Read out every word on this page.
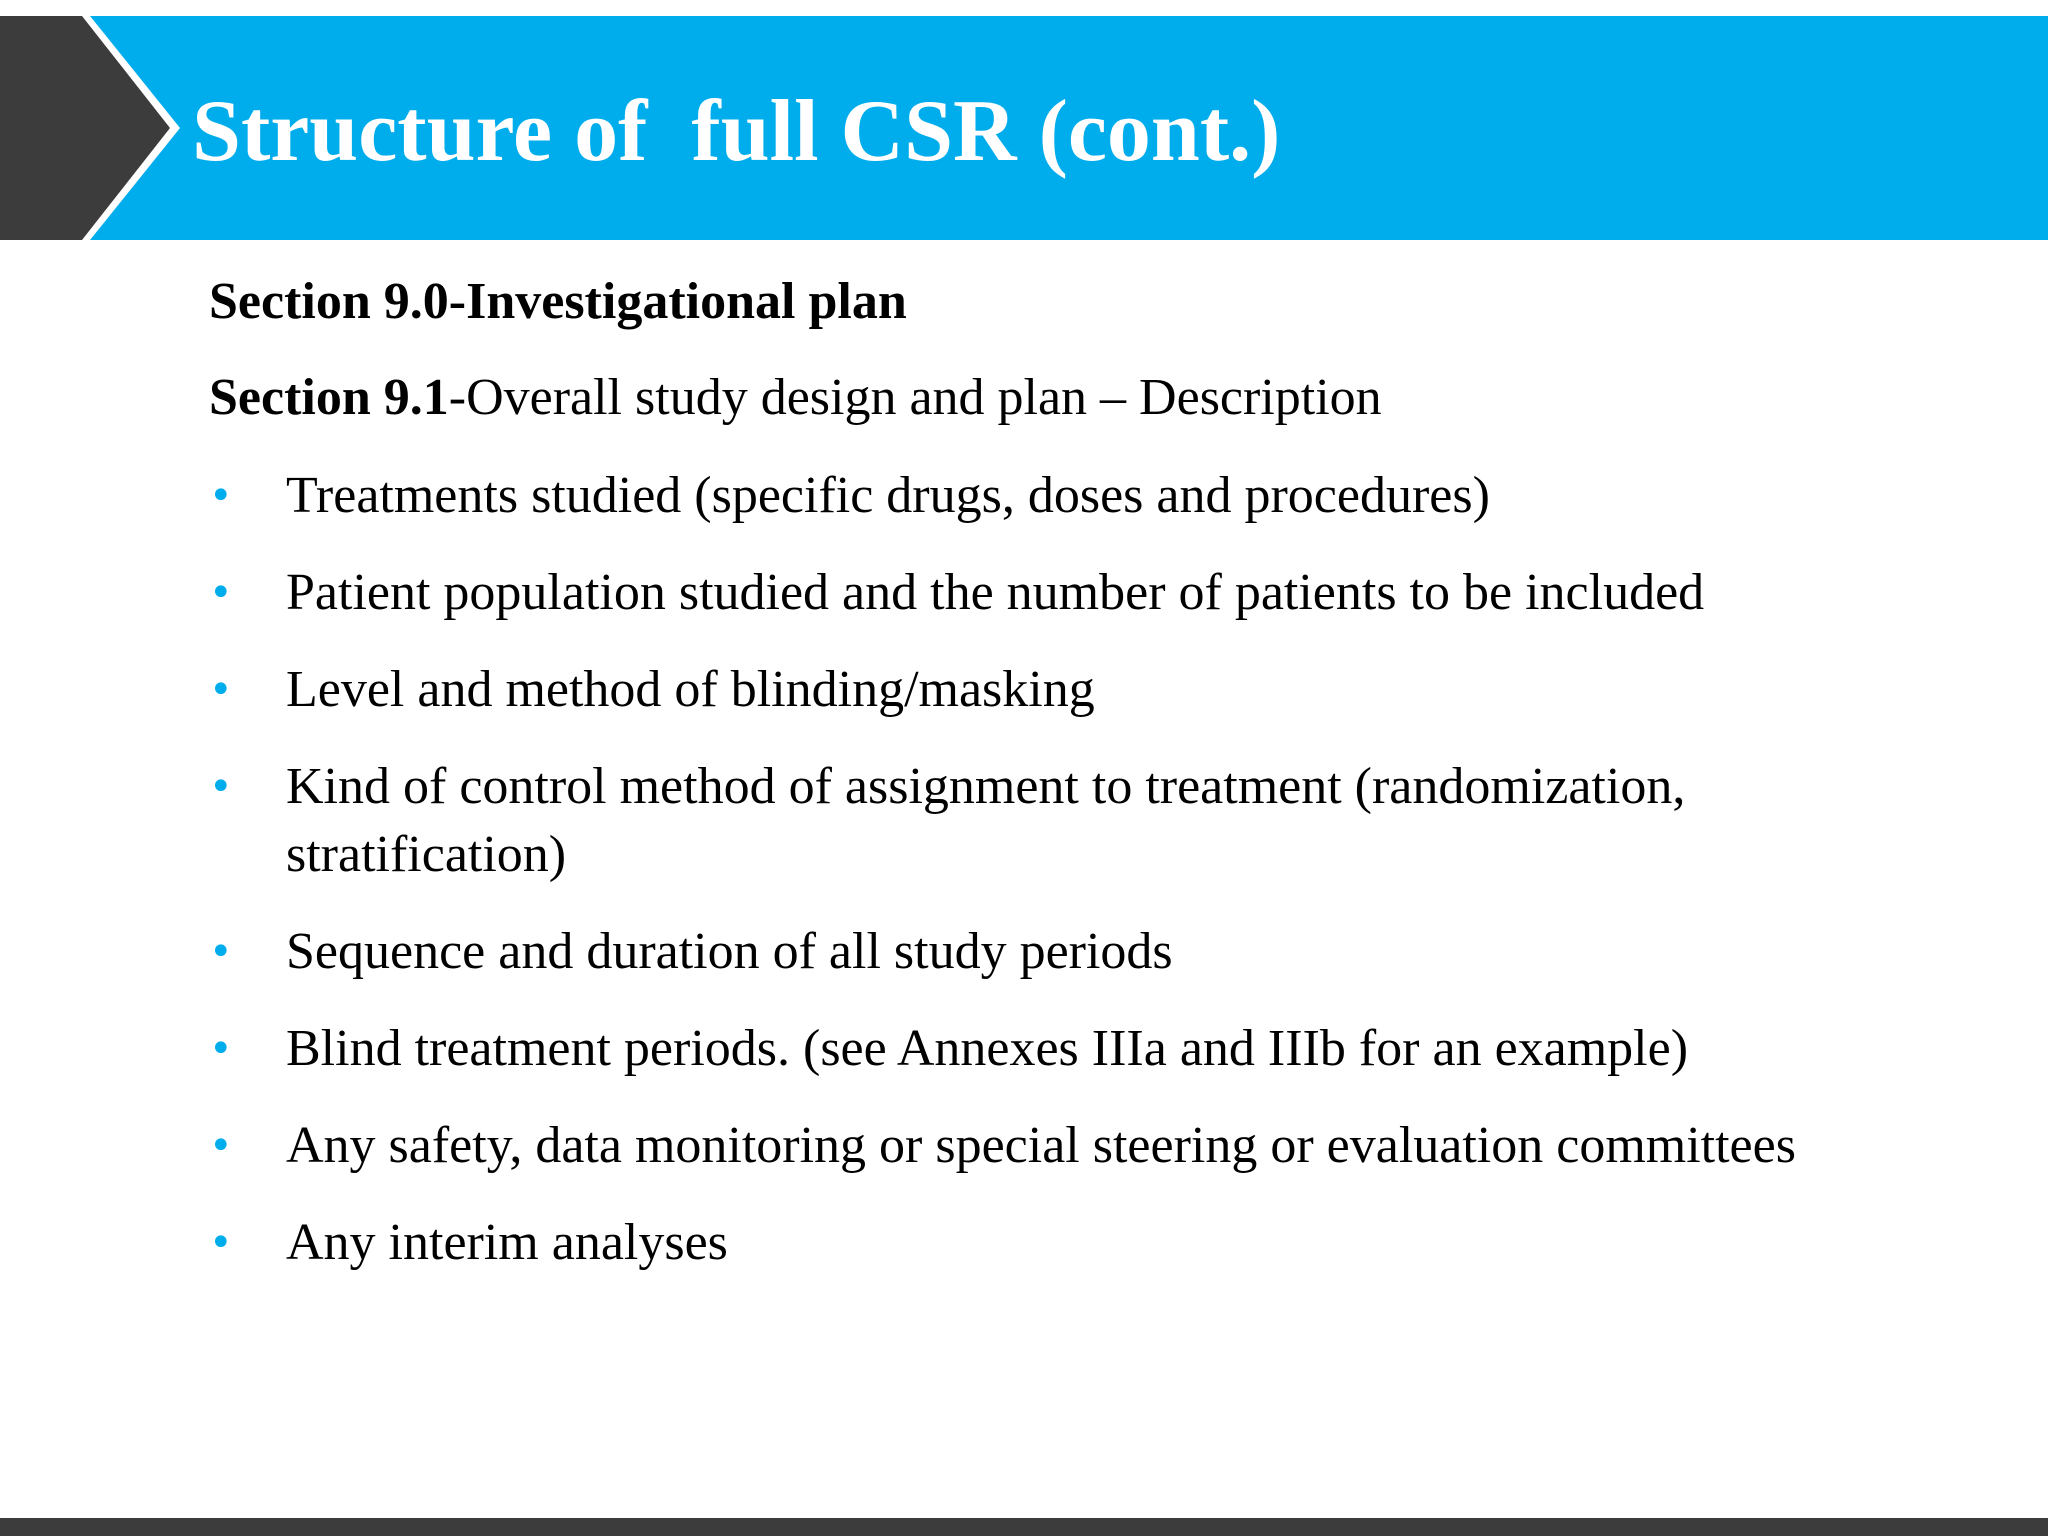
Structure of  full CSR (cont.)

Section 9.0-Investigational plan

Section 9.1-Overall study design and plan – Description

• Treatments studied (specific drugs, doses and procedures)
• Patient population studied and the number of patients to be included
• Level and method of blinding/masking
• Kind of control method of assignment to treatment (randomization, stratification)
• Sequence and duration of all study periods
• Blind treatment periods. (see Annexes IIIa and IIIb for an example)
• Any safety, data monitoring or special steering or evaluation committees
• Any interim analyses
